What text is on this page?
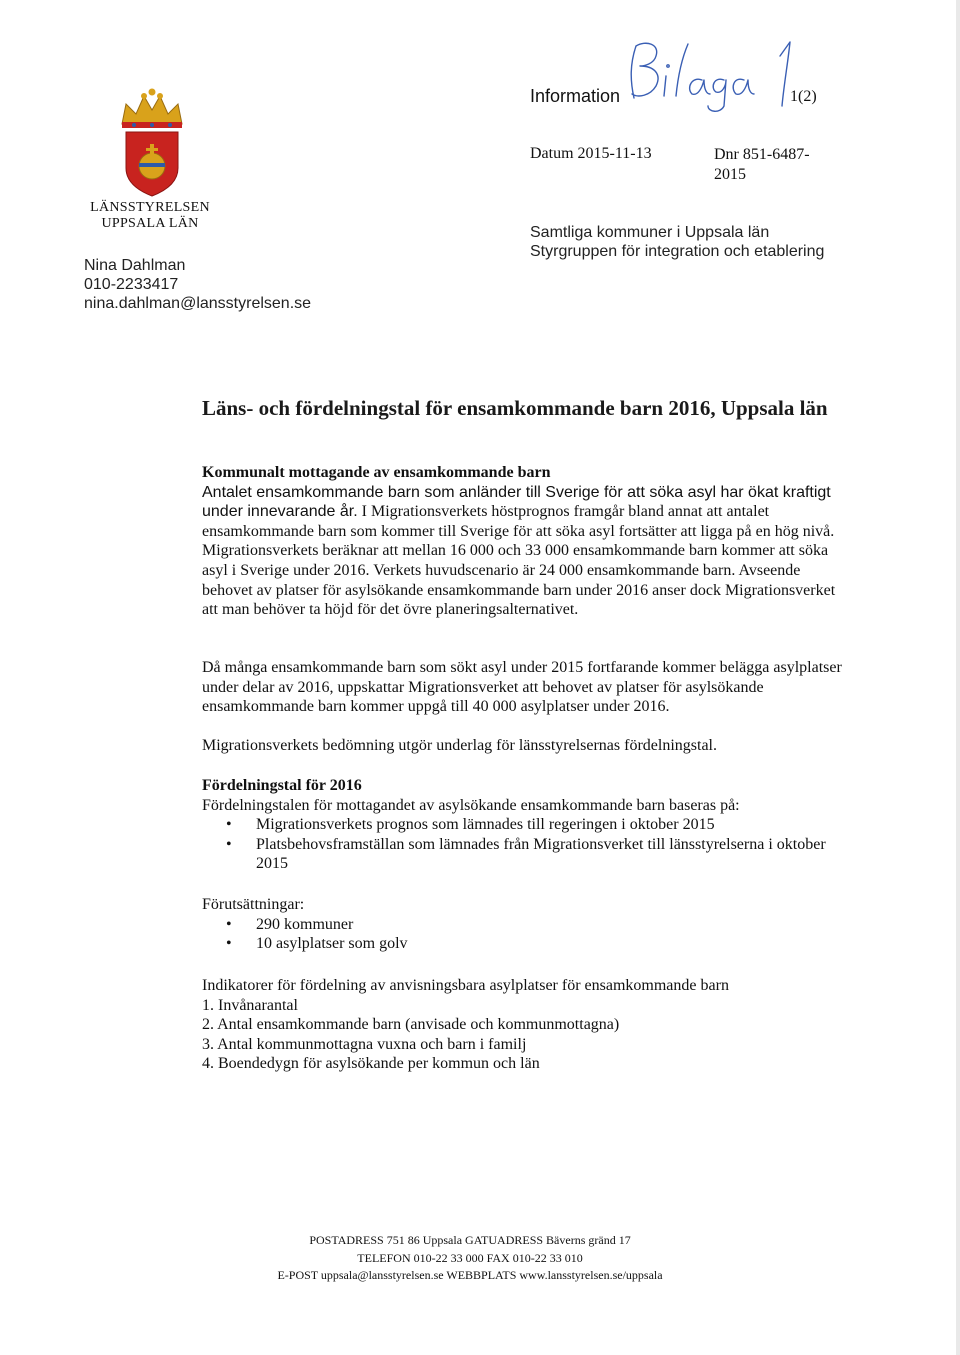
LÄNSSTYRELSEN
UPPSALA LÄN
Nina Dahlman
010-2233417
nina.dahlman@lansstyrelsen.se
Information	1(2)
Datum 2015-11-13	Dnr 851-6487-2015
Samtliga kommuner i Uppsala län
Styrgruppen för integration och etablering
Läns- och fördelningstal för ensamkommande barn 2016, Uppsala län

Kommunalt mottagande av ensamkommande barn

Antalet ensamkommande barn som anländer till Sverige för att söka asyl har ökat kraftigt under innevarande år. I Migrationsverkets höstprognos framgår bland annat att antalet ensamkommande barn som kommer till Sverige för att söka asyl fortsätter att ligga på en hög nivå. Migrationsverkets beräknar att mellan 16 000 och 33 000 ensamkommande barn kommer att söka asyl i Sverige under 2016. Verkets huvudscenario är 24 000 ensamkommande barn. Avseende behovet av platser för asylsökande ensamkommande barn under 2016 anser dock Migrationsverket att man behöver ta höjd för det övre planeringsalternativet.

Då många ensamkommande barn som sökt asyl under 2015 fortfarande kommer belägga asylplatser under delar av 2016, uppskattar Migrationsverket att behovet av platser för asylsökande ensamkommande barn kommer uppgå till 40 000 asylplatser under 2016.

Migrationsverkets bedömning utgör underlag för länsstyrelsernas fördelningstal.

Fördelningstal för 2016

Fördelningstalen för mottagandet av asylsökande ensamkommande barn baseras på:

• Migrationsverkets prognos som lämnades till regeringen i oktober 2015
• Platsbehovsframställan som lämnades från Migrationsverket till länsstyrelserna i oktober 2015

Förutsättningar:

• 290 kommuner
• 10 asylplatser som golv

Indikatorer för fördelning av anvisningsbara asylplatser för ensamkommande barn

1. Invånarantal
2. Antal ensamkommande barn (anvisade och kommunmottagna)
3. Antal kommunmottagna vuxna och barn i familj
4. Boendedygn för asylsökande per kommun och län
POSTADRESS 751 86 Uppsala GATUADRESS Bäverns gränd 17
TELEFON 010-22 33 000 FAX 010-22 33 010
E-POST uppsala@lansstyrelsen.se WEBBPLATS www.lansstyrelsen.se/uppsala
